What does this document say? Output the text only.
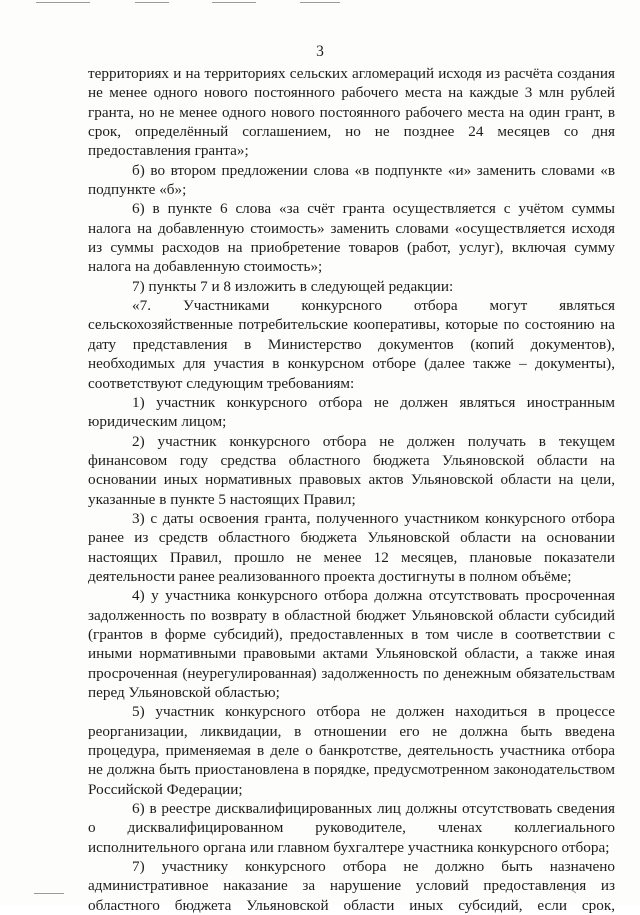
3

территориях и на территориях сельских агломераций исходя из расчёта создания не менее одного нового постоянного рабочего места на каждые 3 млн рублей гранта, но не менее одного нового постоянного рабочего места на один грант, в срок, определённый соглашением, но не позднее 24 месяцев со дня предоставления гранта»;

б) во втором предложении слова «в подпункте «и» заменить словами «в подпункте «б»;

6) в пункте 6 слова «за счёт гранта осуществляется с учётом суммы налога на добавленную стоимость» заменить словами «осуществляется исходя из суммы расходов на приобретение товаров (работ, услуг), включая сумму налога на добавленную стоимость»;

7) пункты 7 и 8 изложить в следующей редакции:

«7. Участниками конкурсного отбора могут являться сельскохозяйственные потребительские кооперативы, которые по состоянию на дату представления в Министерство документов (копий документов), необходимых для участия в конкурсном отборе (далее также – документы), соответствуют следующим требованиям:

1) участник конкурсного отбора не должен являться иностранным юридическим лицом;

2) участник конкурсного отбора не должен получать в текущем финансовом году средства областного бюджета Ульяновской области на основании иных нормативных правовых актов Ульяновской области на цели, указанные в пункте 5 настоящих Правил;

3) с даты освоения гранта, полученного участником конкурсного отбора ранее из средств областного бюджета Ульяновской области на основании настоящих Правил, прошло не менее 12 месяцев, плановые показатели деятельности ранее реализованного проекта достигнуты в полном объёме;

4) у участника конкурсного отбора должна отсутствовать просроченная задолженность по возврату в областной бюджет Ульяновской области субсидий (грантов в форме субсидий), предоставленных в том числе в соответствии с иными нормативными правовыми актами Ульяновской области, а также иная просроченная (неурегулированная) задолженность по денежным обязательствам перед Ульяновской областью;

5) участник конкурсного отбора не должен находиться в процессе реорганизации, ликвидации, в отношении его не должна быть введена процедура, применяемая в деле о банкротстве, деятельность участника отбора не должна быть приостановлена в порядке, предусмотренном законодательством Российской Федерации;

6) в реестре дисквалифицированных лиц должны отсутствовать сведения о дисквалифицированном руководителе, членах коллегиального исполнительного органа или главном бухгалтере участника конкурсного отбора;

7) участнику конкурсного отбора не должно быть назначено административное наказание за нарушение условий предоставления из областного бюджета Ульяновской области иных субсидий, если срок,
